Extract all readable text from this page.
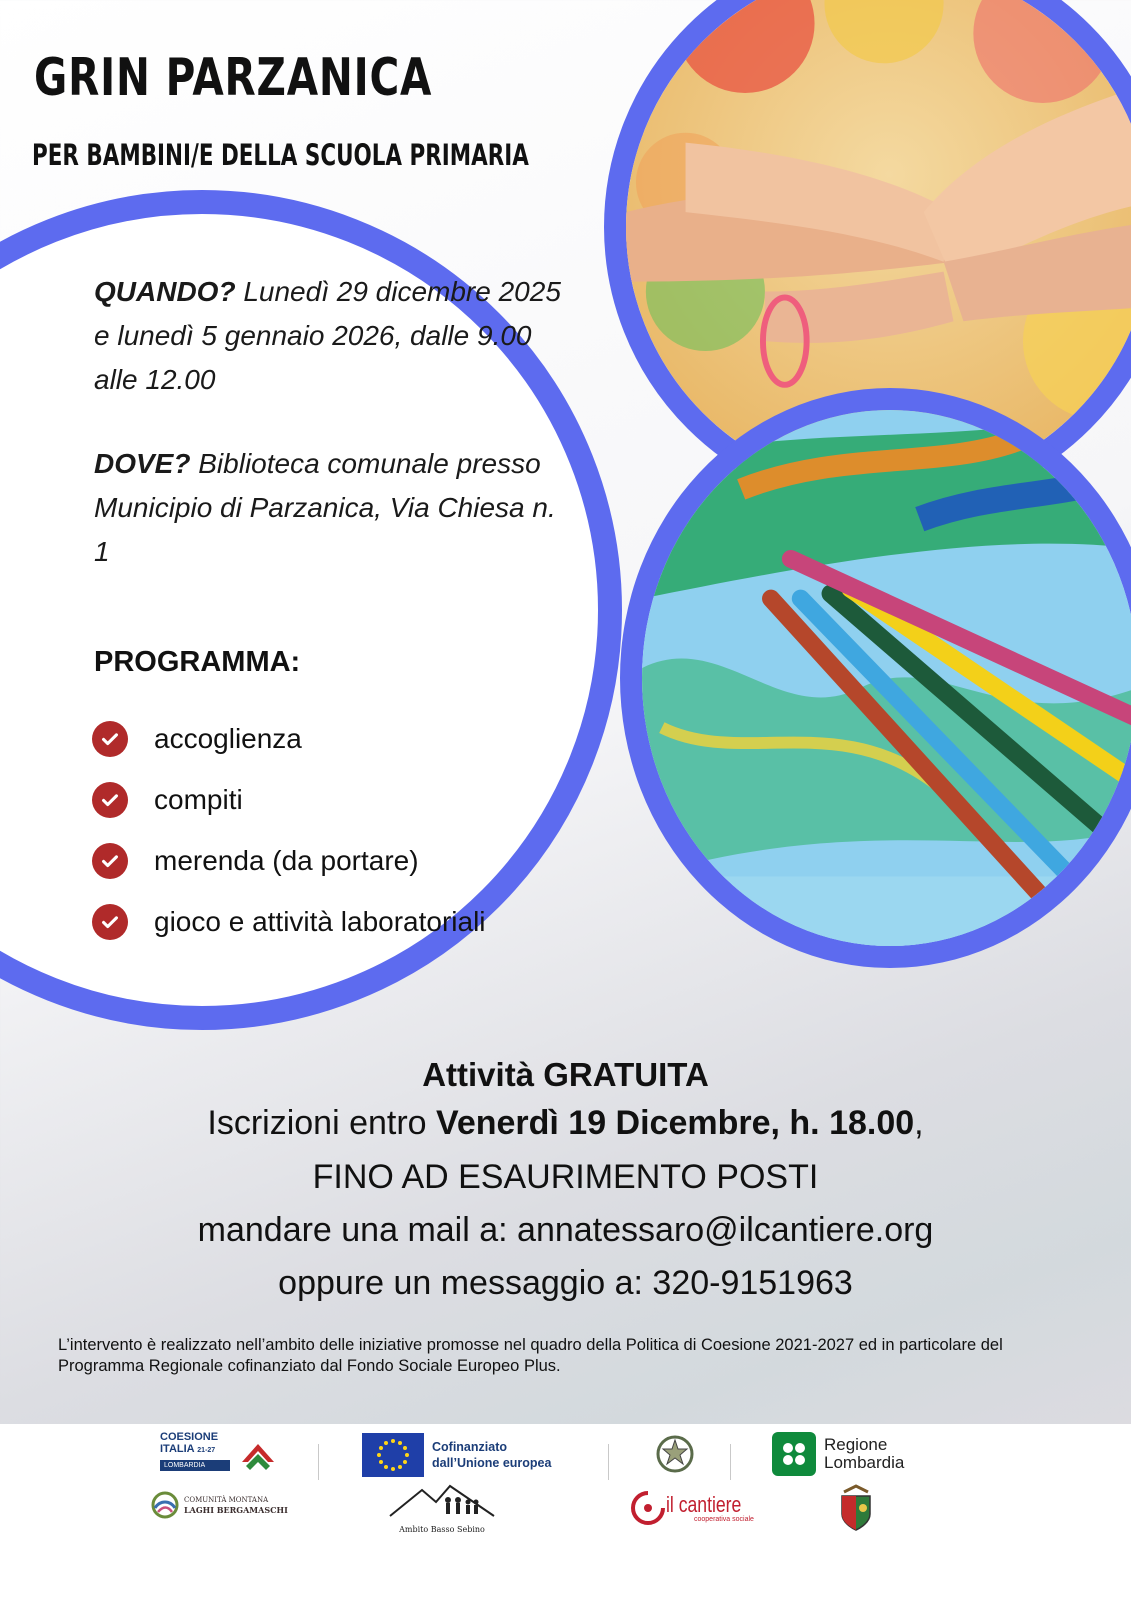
GRIN PARZANICA
PER BAMBINI/E DELLA SCUOLA PRIMARIA
QUANDO? Lunedì 29 dicembre 2025 e lunedì 5 gennaio 2026, dalle 9.00 alle 12.00
DOVE? Biblioteca comunale presso Municipio di Parzanica, Via Chiesa n. 1
PROGRAMMA:
accoglienza
compiti
merenda (da portare)
gioco e attività laboratoriali
Attività GRATUITA
Iscrizioni entro Venerdì 19 Dicembre, h. 18.00,
FINO AD ESAURIMENTO POSTI
mandare una mail a: annatessaro@ilcantiere.org
oppure un messaggio a: 320-9151963
L’intervento è realizzato nell’ambito delle iniziative promosse nel quadro della Politica di Coesione 2021-2027 ed in particolare del Programma Regionale cofinanziato dal Fondo Sociale Europeo Plus.
COESIONE
ITALIA 21-27
LOMBARDIA
Cofinanziato
dall’Unione europea
Regione
Lombardia
COMUNITÀ MONTANA
LAGHI BERGAMASCHI
Ambito Basso Sebino
il cantiere
cooperativa sociale
